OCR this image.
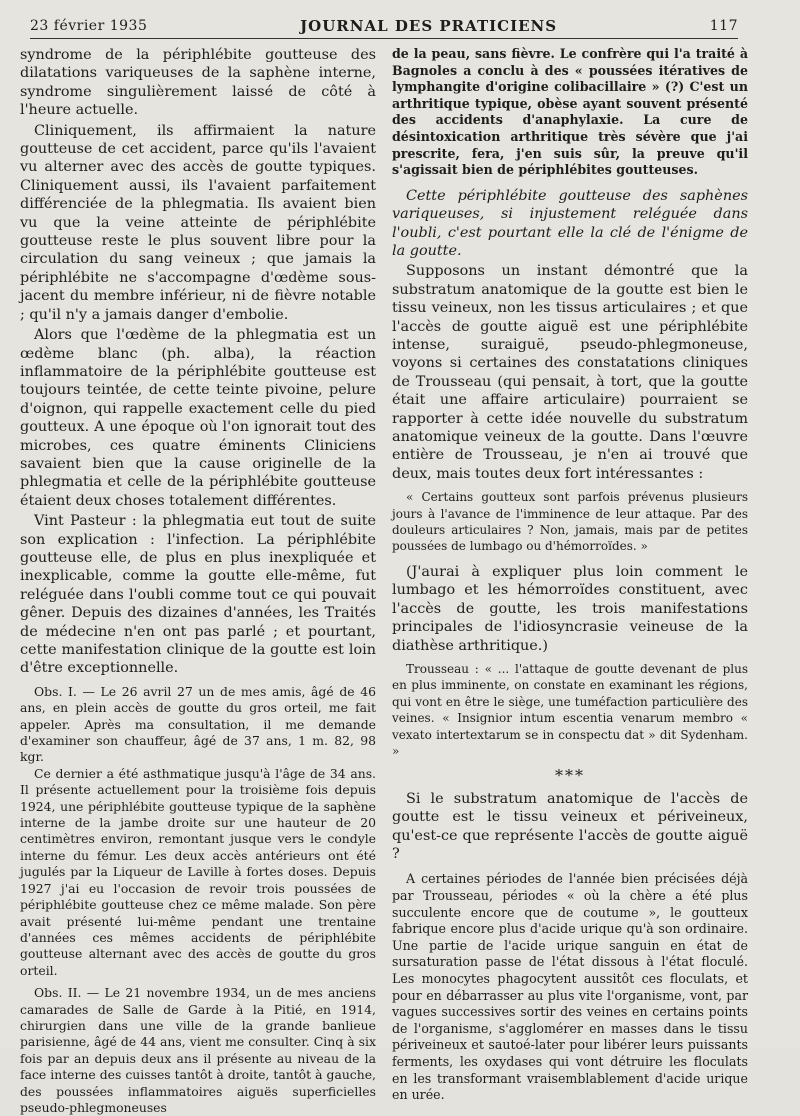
23 février 1935	JOURNAL DES PRATICIENS	117

syndrome de la périphlébite goutteuse des dilatations variqueuses de la saphène interne, syndrome singulièrement laissé de côté à l'heure actuelle.

Cliniquement, ils affirmaient la nature goutteuse de cet accident, parce qu'ils l'avaient vu alterner avec des accès de goutte typiques. Cliniquement aussi, ils l'avaient parfaitement différenciée de la phlegmatia. Ils avaient bien vu que la veine atteinte de périphlébite goutteuse reste le plus souvent libre pour la circulation du sang veineux ; que jamais la périphlébite ne s'accompagne d'œdème sous-jacent du membre inférieur, ni de fièvre notable ; qu'il n'y a jamais danger d'embolie.

Alors que l'œdème de la phlegmatia est un œdème blanc (ph. alba), la réaction inflammatoire de la périphlébite goutteuse est toujours teintée, de cette teinte pivoine, pelure d'oignon, qui rappelle exactement celle du pied goutteux. A une époque où l'on ignorait tout des microbes, ces quatre éminents Cliniciens savaient bien que la cause originelle de la phlegmatia et celle de la périphlébite goutteuse étaient deux choses totalement différentes.

Vint Pasteur : la phlegmatia eut tout de suite son explication : l'infection. La périphlébite goutteuse elle, de plus en plus inexpliquée et inexplicable, comme la goutte elle-même, fut reléguée dans l'oubli comme tout ce qui pouvait gêner. Depuis des dizaines d'années, les Traités de médecine n'en ont pas parlé ; et pourtant, cette manifestation clinique de la goutte est loin d'être exceptionnelle.

Obs. I. — Le 26 avril 27 un de mes amis, âgé de 46 ans, en plein accès de goutte du gros orteil, me fait appeler. Après ma consultation, il me demande d'examiner son chauffeur, âgé de 37 ans, 1 m. 82, 98 kgr.

Ce dernier a été asthmatique jusqu'à l'âge de 34 ans. Il présente actuellement pour la troisième fois depuis 1924, une périphlébite goutteuse typique de la saphène interne de la jambe droite sur une hauteur de 20 centimètres environ, remontant jusque vers le condyle interne du fémur. Les deux accès antérieurs ont été jugulés par la Liqueur de Laville à fortes doses. Depuis 1927 j'ai eu l'occasion de revoir trois poussées de périphlébite goutteuse chez ce même malade. Son père avait présenté lui-même pendant une trentaine d'années ces mêmes accidents de périphlébite goutteuse alternant avec des accès de goutte du gros orteil.

Obs. II. — Le 21 novembre 1934, un de mes anciens camarades de Salle de Garde à la Pitié, en 1914, chirurgien dans une ville de la grande banlieue parisienne, âgé de 44 ans, vient me consulter. Cinq à six fois par an depuis deux ans il présente au niveau de la face interne des cuisses tantôt à droite, tantôt à gauche, des poussées inflammatoires aiguës superficielles pseudo-phlegmoneuses

de la peau, sans fièvre. Le confrère qui l'a traité à Bagnoles a conclu à des « poussées itératives de lymphangite d'origine colibacillaire » (?) C'est un arthritique typique, obèse ayant souvent présenté des accidents d'anaphylaxie. La cure de désintoxication arthritique très sévère que j'ai prescrite, fera, j'en suis sûr, la preuve qu'il s'agissait bien de périphlébites goutteuses.

Cette périphlébite goutteuse des saphènes variqueuses, si injustement reléguée dans l'oubli, c'est pourtant elle la clé de l'énigme de la goutte.

Supposons un instant démontré que la substratum anatomique de la goutte est bien le tissu veineux, non les tissus articulaires ; et que l'accès de goutte aiguë est une périphlébite intense, suraiguë, pseudo-phlegmoneuse, voyons si certaines des constatations cliniques de Trousseau (qui pensait, à tort, que la goutte était une affaire articulaire) pourraient se rapporter à cette idée nouvelle du substratum anatomique veineux de la goutte. Dans l'œuvre entière de Trousseau, je n'en ai trouvé que deux, mais toutes deux fort intéressantes :

« Certains goutteux sont parfois prévenus plusieurs jours à l'avance de l'imminence de leur attaque. Par des douleurs articulaires ? Non, jamais, mais par de petites poussées de lumbago ou d'hémorroïdes. »

(J'aurai à expliquer plus loin comment le lumbago et les hémorroïdes constituent, avec l'accès de goutte, les trois manifestations principales de l'idiosyncrasie veineuse de la diathèse arthritique.)

Trousseau : « ... l'attaque de goutte devenant de plus en plus imminente, on constate en examinant les régions, qui vont en être le siège, une tuméfaction particulière des veines. « Insignior intum escentia venarum membro « vexato intertextarum se in conspectu dat » dit Sydenham. »

***

Si le substratum anatomique de l'accès de goutte est le tissu veineux et périveineux, qu'est-ce que représente l'accès de goutte aiguë ?

A certaines périodes de l'année bien précisées déjà par Trousseau, périodes « où la chère a été plus succulente encore que de coutume », le goutteux fabrique encore plus d'acide urique qu'à son ordinaire. Une partie de l'acide urique sanguin en état de sursaturation passe de l'état dissous à l'état floculé. Les monocytes phagocytent aussitôt ces floculats, et pour en débarrasser au plus vite l'organisme, vont, par vagues successives sortir des veines en certains points de l'organisme, s'agglomérer en masses dans le tissu périveineux et sautoé-later pour libérer leurs puissants ferments, les oxydases qui vont détruire les floculats en les transformant vraisemblablement d'acide urique en urée.
